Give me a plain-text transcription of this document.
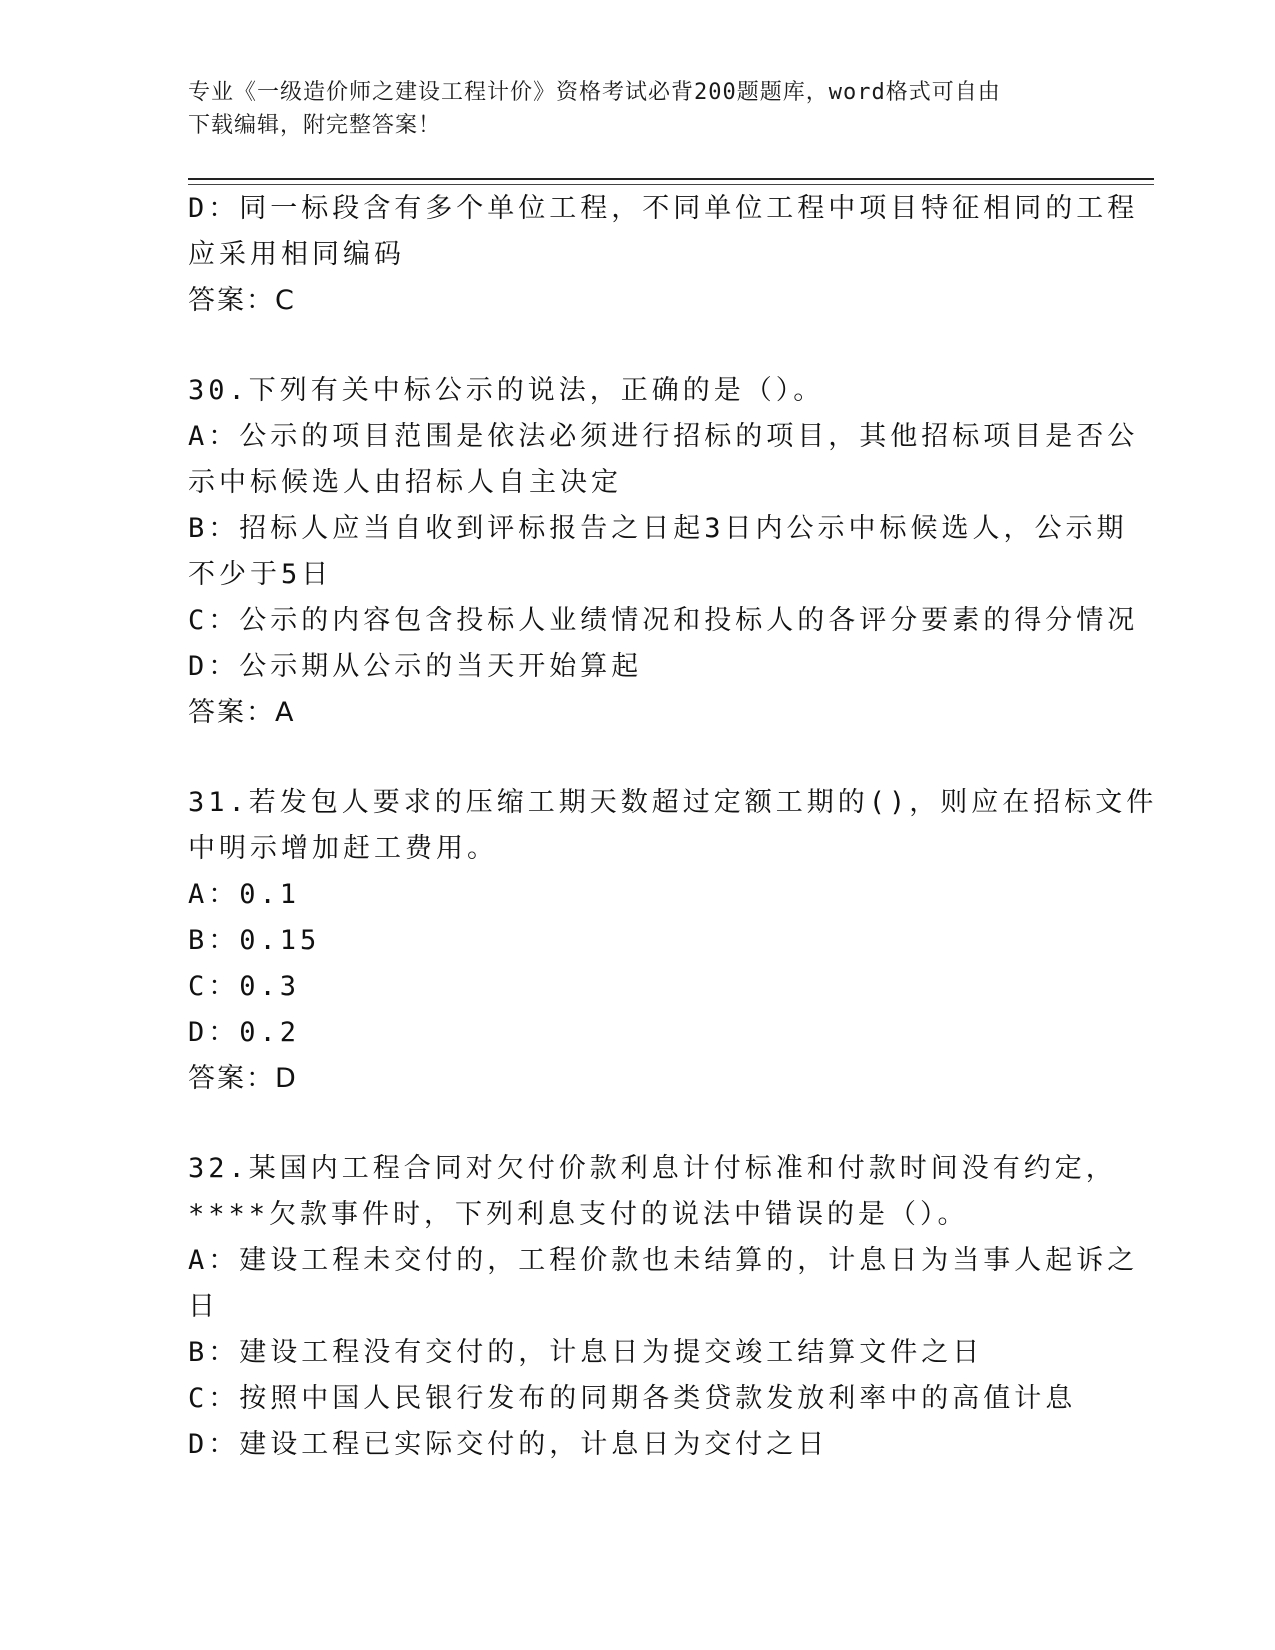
专业《一级造价师之建设工程计价》资格考试必背200题题库，word格式可自由
下载编辑，附完整答案！
D：同一标段含有多个单位工程，不同单位工程中项目特征相同的工程
应采用相同编码
答案：C
30.下列有关中标公示的说法，正确的是（）。
A：公示的项目范围是依法必须进行招标的项目，其他招标项目是否公
示中标候选人由招标人自主决定
B：招标人应当自收到评标报告之日起3日内公示中标候选人，公示期
不少于5日
C：公示的内容包含投标人业绩情况和投标人的各评分要素的得分情况
D：公示期从公示的当天开始算起
答案：A
31.若发包人要求的压缩工期天数超过定额工期的()，则应在招标文件
中明示增加赶工费用。
A：0.1
B：0.15
C：0.3
D：0.2
答案：D
32.某国内工程合同对欠付价款利息计付标准和付款时间没有约定，
****欠款事件时，下列利息支付的说法中错误的是（）。
A：建设工程未交付的，工程价款也未结算的，计息日为当事人起诉之
日
B：建设工程没有交付的，计息日为提交竣工结算文件之日
C：按照中国人民银行发布的同期各类贷款发放利率中的高值计息
D：建设工程已实际交付的，计息日为交付之日
